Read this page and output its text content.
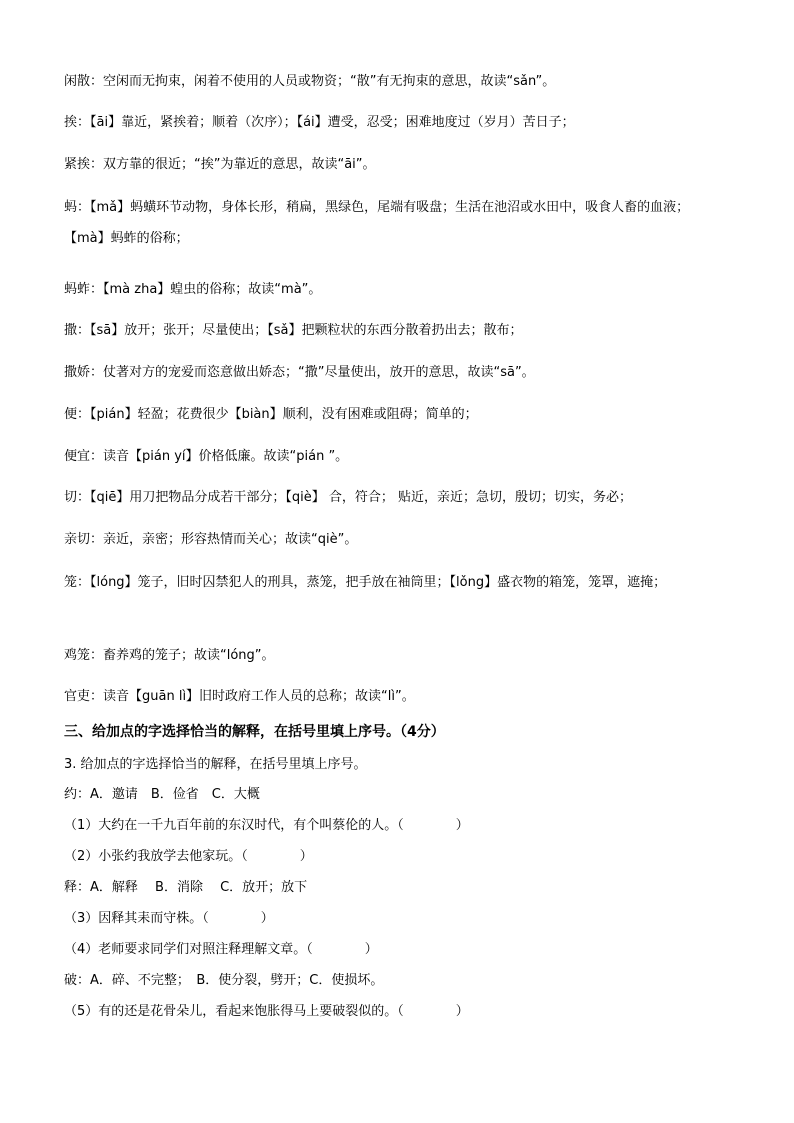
闲散：空闲而无拘束，闲着不使用的人员或物资；“散”有无拘束的意思，故读“sǎn”。
挨：【āi】靠近，紧挨着；顺着（次序）；【ái】遭受，忍受；困难地度过（岁月）苦日子；
紧挨：双方靠的很近；“挨”为靠近的意思，故读“āi”。
蚂：【mǎ】蚂蟥环节动物，身体长形，稍扁，黑绿色，尾端有吸盘；生活在池沼或水田中，吸食人畜的血液；【mà】蚂蚱的俗称；
蚂蚱：【mà zha】蝗虫的俗称；故读“mà”。
撒：【sā】放开；张开；尽量使出；【sǎ】把颗粒状的东西分散着扔出去；散布；
撒娇：仗著对方的宠爱而恣意做出娇态；“撒”尽量使出，放开的意思，故读“sā”。
便：【pián】轻盈；花费很少【biàn】顺利，没有困难或阻碍；简单的；
便宜：读音【pián yí】价格低廉。故读“pián ”。
切：【qiē】用刀把物品分成若干部分；【qiè】 合，符合； 贴近，亲近；急切，殷切；切实，务必；
亲切：亲近，亲密；形容热情而关心；故读“qiè”。
笼：【lóng】笼子，旧时囚禁犯人的刑具，蒸笼，把手放在袖筒里；【lǒng】盛衣物的箱笼，笼罩，遮掩；
鸡笼：畜养鸡的笼子；故读“lóng”。
官吏：读音【guān lì】旧时政府工作人员的总称；故读“lì”。
三、给加点的字选择恰当的解释，在括号里填上序号。（4分）
3. 给加点的字选择恰当的解释，在括号里填上序号。
约：A．邀请　B．俭省　C．大概
（1）大约在一千九百年前的东汉时代，有个叫蔡伦的人。（　　　　）
（2）小张约我放学去他家玩。（　　　　）
释：A．解释　 B．消除　 C．放开；放下
（3）因释其耒而守株。（　　　　）
（4）老师要求同学们对照注释理解文章。（　　　　）
破：A．碎、不完整；　B．使分裂，劈开；C．使损坏。
（5）有的还是花骨朵儿，看起来饱胀得马上要破裂似的。（　　　　）
